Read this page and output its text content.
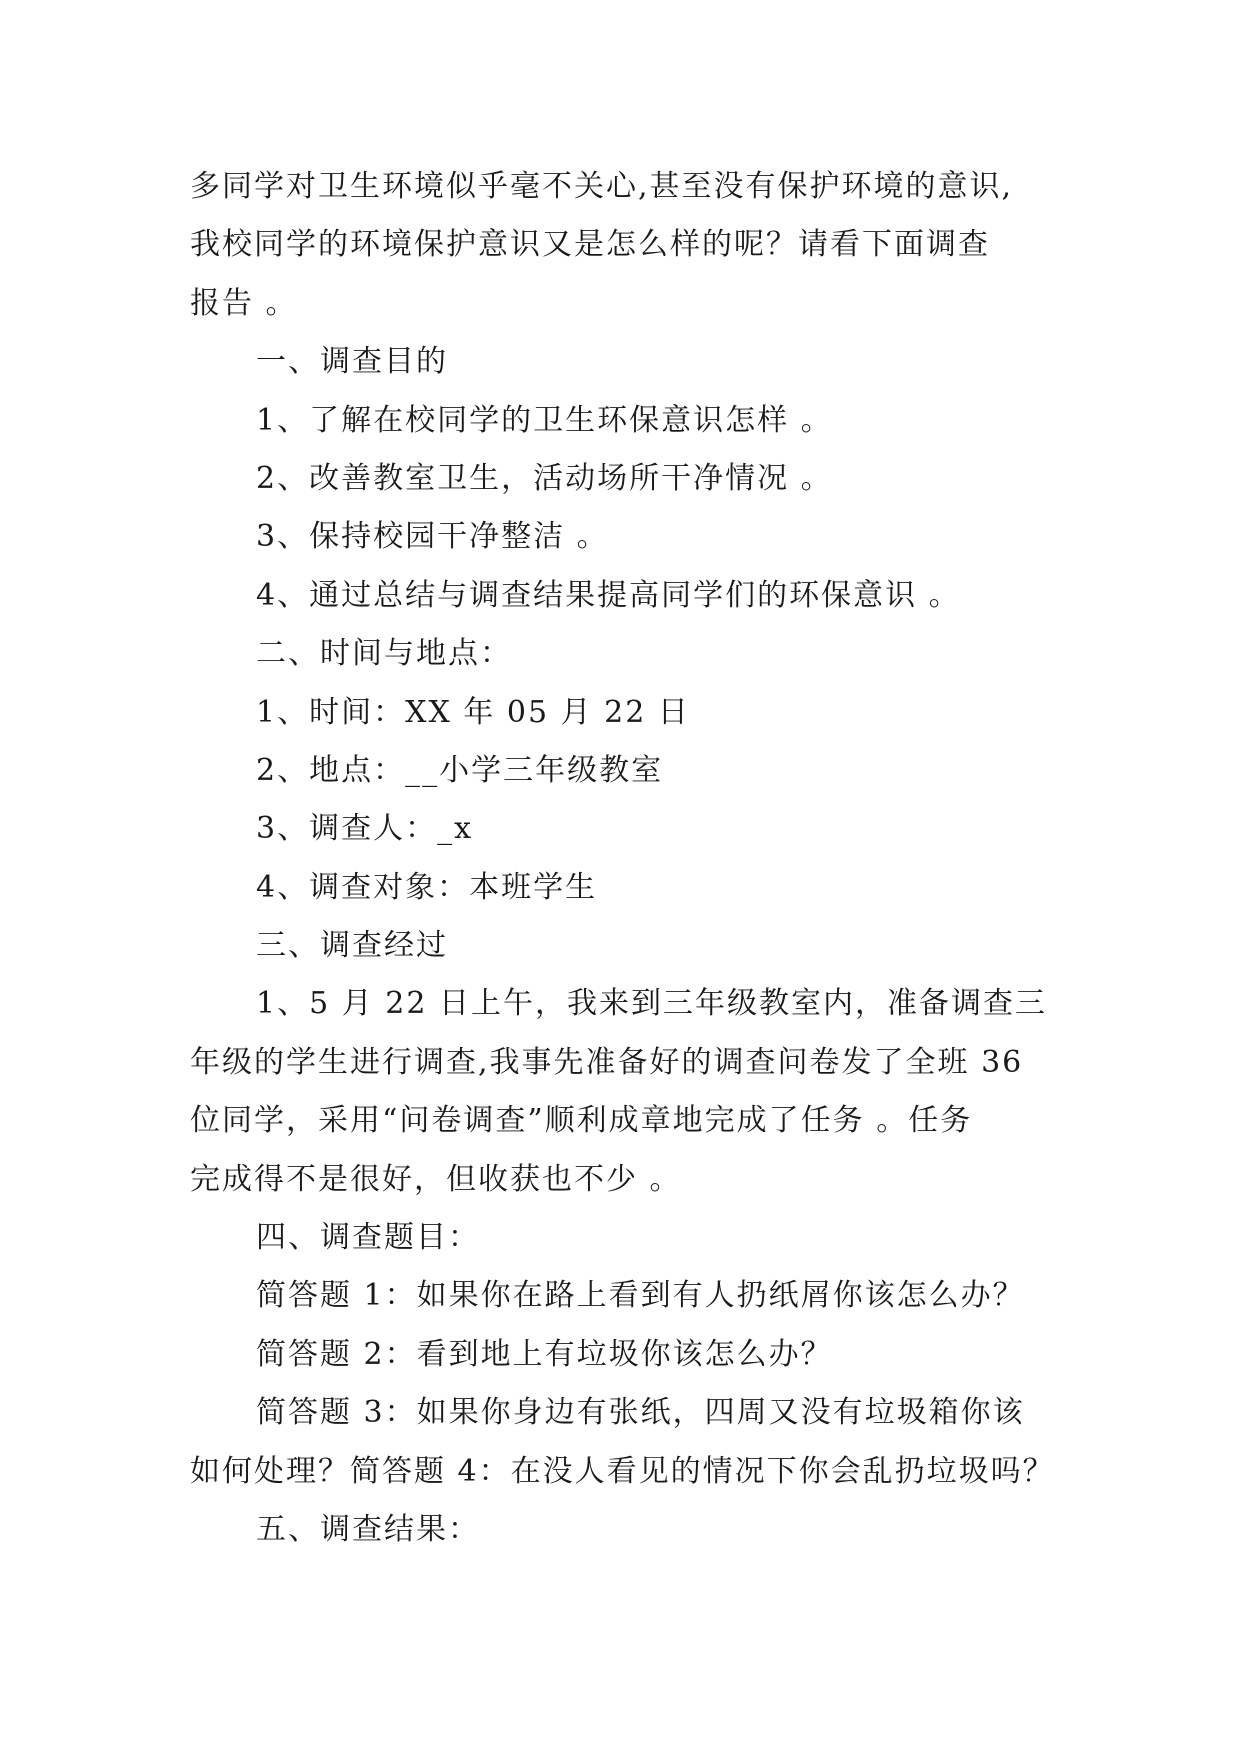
多同学对卫生环境似乎毫不关心,甚至没有保护环境的意识,
我校同学的环境保护意识又是怎么样的呢？请看下面调查
报告 。
一、调查目的
1、了解在校同学的卫生环保意识怎样 。
2、改善教室卫生，活动场所干净情况 。
3、保持校园干净整洁 。
4、通过总结与调查结果提高同学们的环保意识 。
二、时间与地点：
1、时间：XX 年 05 月 22 日
2、地点：__小学三年级教室
3、调查人：_x
4、调查对象：本班学生
三、调查经过
1、5 月 22 日上午，我来到三年级教室内，准备调查三
年级的学生进行调查,我事先准备好的调查问卷发了全班 36
位同学，采用“问卷调查”顺利成章地完成了任务 。任务
完成得不是很好，但收获也不少 。
四、调查题目：
简答题 1：如果你在路上看到有人扔纸屑你该怎么办？
简答题 2：看到地上有垃圾你该怎么办？
简答题 3：如果你身边有张纸，四周又没有垃圾箱你该
如何处理？简答题 4：在没人看见的情况下你会乱扔垃圾吗？
五、调查结果：
